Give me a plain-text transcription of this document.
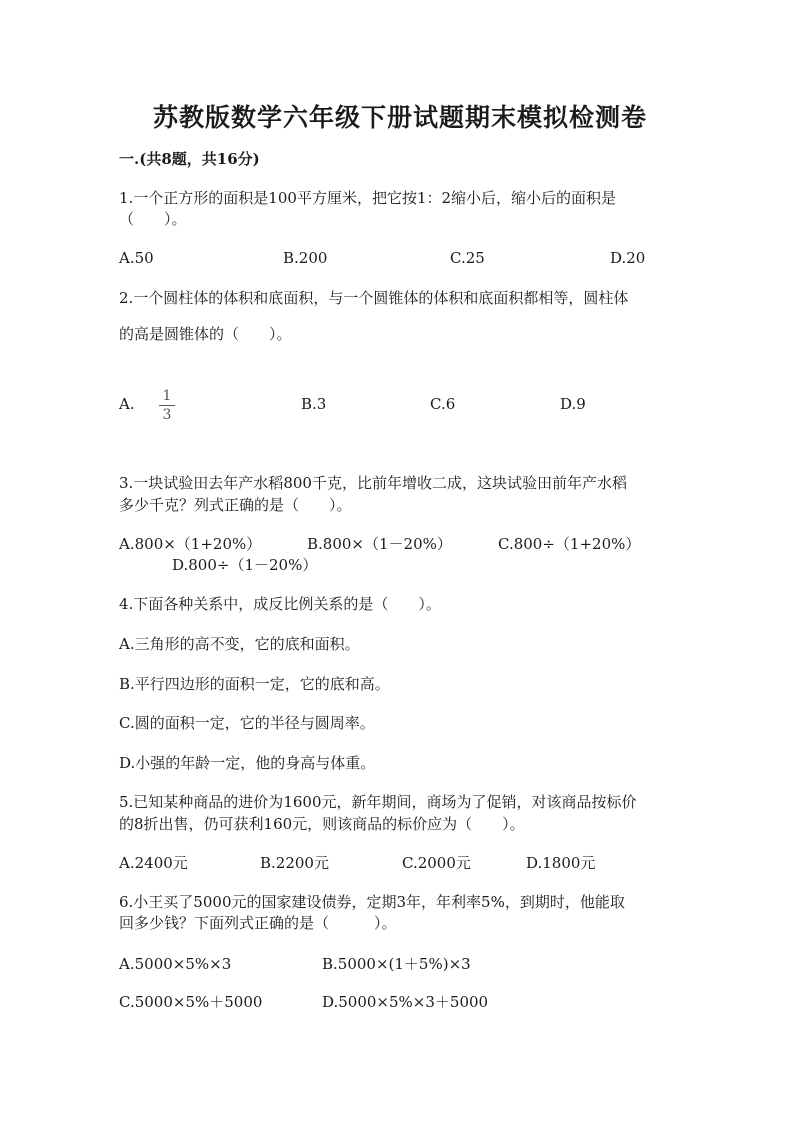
苏教版数学六年级下册试题期末模拟检测卷
一.(共8题，共16分)
1.一个正方形的面积是100平方厘米，把它按1：2缩小后，缩小后的面积是
（　　）。
A.50	B.200	C.25	D.20
2.一个圆柱体的体积和底面积，与一个圆锥体的体积和底面积都相等，圆柱体
的高是圆锥体的（　　）。
A. 1
3
B.3	C.6	D.9
3.一块试验田去年产水稻800千克，比前年增收二成，这块试验田前年产水稻
多少千克？列式正确的是（　　）。
A.800×（1+20%）	B.800×（1－20%）	C.800÷（1+20%）
D.800÷（1－20%）
4.下面各种关系中，成反比例关系的是（　　）。
A.三角形的高不变，它的底和面积。
B.平行四边形的面积一定，它的底和高。
C.圆的面积一定，它的半径与圆周率。
D.小强的年龄一定，他的身高与体重。
5.已知某种商品的进价为1600元，新年期间，商场为了促销，对该商品按标价
的8折出售，仍可获利160元，则该商品的标价应为（　　）。
A.2400元	B.2200元	C.2000元	D.1800元
6.小王买了5000元的国家建设债券，定期3年，年利率5%，到期时，他能取
回多少钱？下面列式正确的是（　　　）。
A.5000×5%×3	B.5000×(1＋5%)×3
C.5000×5%＋5000	D.5000×5%×3＋5000
